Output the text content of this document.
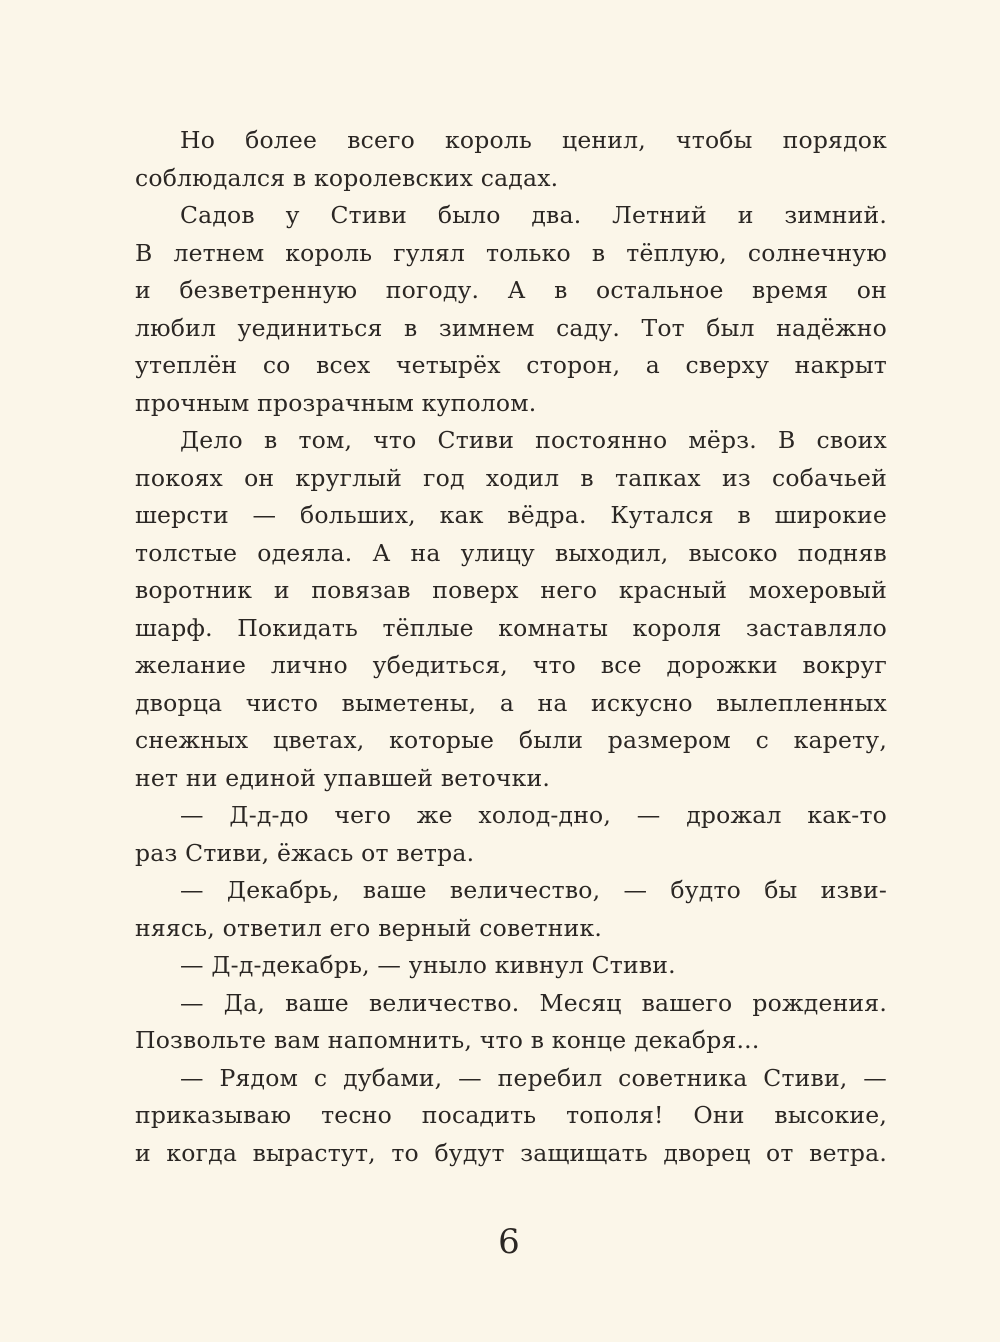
Но более всего король ценил, чтобы порядок
соблюдался в королевских садах.
Садов у Стиви было два. Летний и зимний.
В летнем король гулял только в тёплую, солнечную
и безветренную погоду. А в остальное время он
любил уединиться в зимнем саду. Тот был надёжно
утеплён со всех четырёх сторон, а сверху накрыт
прочным прозрачным куполом.
Дело в том, что Стиви постоянно мёрз. В своих
покоях он круглый год ходил в тапках из собачьей
шерсти — больших, как вёдра. Кутался в широкие
толстые одеяла. А на улицу выходил, высоко подняв
воротник и повязав поверх него красный мохеровый
шарф. Покидать тёплые комнаты короля заставляло
желание лично убедиться, что все дорожки вокруг
дворца чисто выметены, а на искусно вылепленных
снежных цветах, которые были размером с карету,
нет ни единой упавшей веточки.
— Д-д-до чего же холод-дно, — дрожал как-то
раз Стиви, ёжась от ветра.
— Декабрь, ваше величество, — будто бы изви-
няясь, ответил его верный советник.
— Д-д-декабрь, — уныло кивнул Стиви.
— Да, ваше величество. Месяц вашего рождения.
Позвольте вам напомнить, что в конце декабря...
— Рядом с дубами, — перебил советника Стиви, —
приказываю тесно посадить тополя! Они высокие,
и когда вырастут, то будут защищать дворец от ветра.
6
